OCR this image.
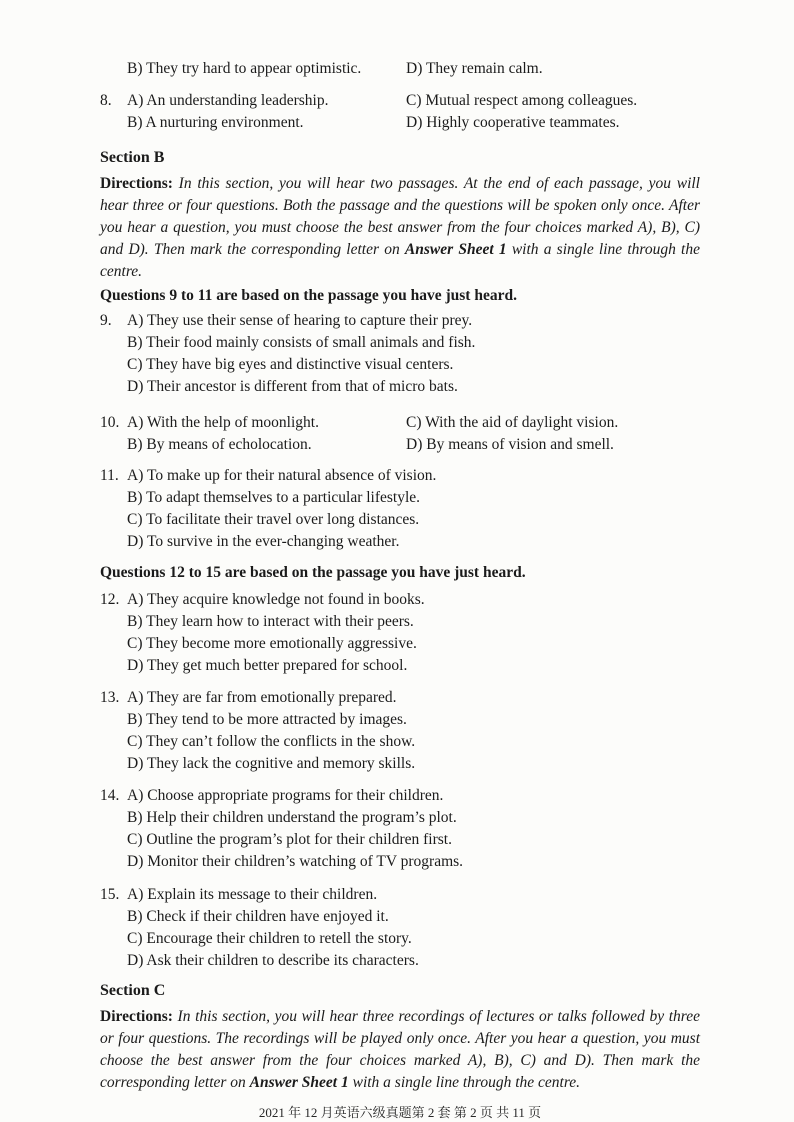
B) They try hard to appear optimistic.	D) They remain calm.
8. A) An understanding leadership.	C) Mutual respect among colleagues.
B) A nurturing environment.	D) Highly cooperative teammates.
Section B

Directions: In this section, you will hear two passages. At the end of each passage, you will hear three or four questions. Both the passage and the questions will be spoken only once. After you hear a question, you must choose the best answer from the four choices marked A), B), C) and D). Then mark the corresponding letter on Answer Sheet 1 with a single line through the centre.

Questions 9 to 11 are based on the passage you have just heard.
9. A) They use their sense of hearing to capture their prey.
B) Their food mainly consists of small animals and fish.
C) They have big eyes and distinctive visual centers.
D) Their ancestor is different from that of micro bats.
10. A) With the help of moonlight.	C) With the aid of daylight vision.
B) By means of echolocation.	D) By means of vision and smell.
11. A) To make up for their natural absence of vision.
B) To adapt themselves to a particular lifestyle.
C) To facilitate their travel over long distances.
D) To survive in the ever-changing weather.
Questions 12 to 15 are based on the passage you have just heard.
12. A) They acquire knowledge not found in books.
B) They learn how to interact with their peers.
C) They become more emotionally aggressive.
D) They get much better prepared for school.
13. A) They are far from emotionally prepared.
B) They tend to be more attracted by images.
C) They can’t follow the conflicts in the show.
D) They lack the cognitive and memory skills.
14. A) Choose appropriate programs for their children.
B) Help their children understand the program’s plot.
C) Outline the program’s plot for their children first.
D) Monitor their children’s watching of TV programs.
15. A) Explain its message to their children.
B) Check if their children have enjoyed it.
C) Encourage their children to retell the story.
D) Ask their children to describe its characters.
Section C

Directions: In this section, you will hear three recordings of lectures or talks followed by three or four questions. The recordings will be played only once. After you hear a question, you must choose the best answer from the four choices marked A), B), C) and D). Then mark the corresponding letter on Answer Sheet 1 with a single line through the centre.

2021 年 12 月英语六级真题第 2 套 第 2 页 共 11 页
